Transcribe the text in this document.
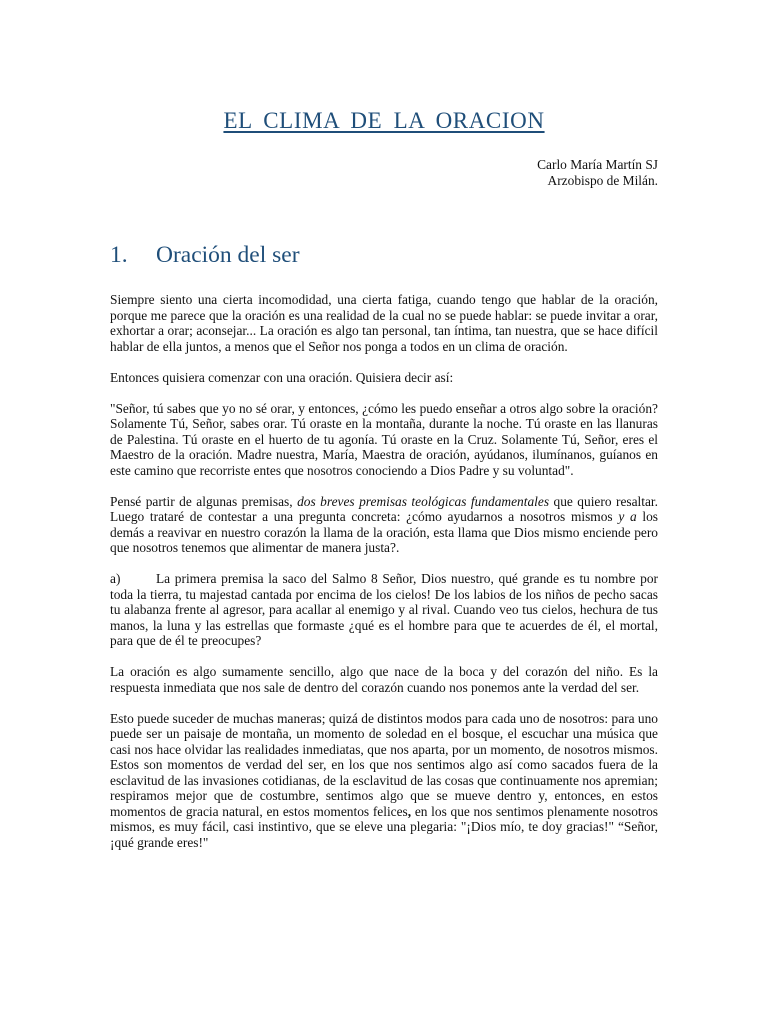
EL CLIMA DE LA ORACION
Carlo María Martín SJ
Arzobispo de Milán.
1. Oración del ser

Siempre siento una cierta incomodidad, una cierta fatiga, cuando tengo que hablar de la oración, porque me parece que la oración es una realidad de la cual no se puede hablar: se puede invitar a orar, exhortar a orar; aconsejar... La oración es algo tan personal, tan íntima, tan nuestra, que se hace difícil hablar de ella juntos, a menos que el Señor nos ponga a todos en un clima de oración.

Entonces quisiera comenzar con una oración. Quisiera decir así:

"Señor, tú sabes que yo no sé orar, y entonces, ¿cómo les puedo enseñar a otros algo sobre la oración? Solamente Tú, Señor, sabes orar. Tú oraste en la montaña, durante la noche. Tú oraste en las llanuras de Palestina. Tú oraste en el huerto de tu agonía. Tú oraste en la Cruz. Solamente Tú, Señor, eres el Maestro de la oración. Madre nuestra, María, Maestra de oración, ayúdanos, ilumínanos, guíanos en este camino que recorriste entes que nosotros conociendo a Dios Padre y su voluntad".

Pensé partir de algunas premisas, dos breves premisas teológicas fundamentales que quiero resaltar. Luego trataré de contestar a una pregunta concreta: ¿cómo ayudarnos a nosotros mismos y a los demás a reavivar en nuestro corazón la llama de la oración, esta llama que Dios mismo enciende pero que nosotros tenemos que alimentar de manera justa?.

a)	La primera premisa la saco del Salmo 8 Señor, Dios nuestro, qué grande es tu nombre por toda la tierra, tu majestad cantada por encima de los cielos! De los labios de los niños de pecho sacas tu alabanza frente al agresor, para acallar al enemigo y al rival. Cuando veo tus cielos, hechura de tus manos, la luna y las estrellas que formaste ¿qué es el hombre para que te acuerdes de él, el mortal, para que de él te preocupes?

La oración es algo sumamente sencillo, algo que nace de la boca y del corazón del niño. Es la respuesta inmediata que nos sale de dentro del corazón cuando nos ponemos ante la verdad del ser.

Esto puede suceder de muchas maneras; quizá de distintos modos para cada uno de nosotros: para uno puede ser un paisaje de montaña, un momento de soledad en el bosque, el escuchar una música que casi nos hace olvidar las realidades inmediatas, que nos aparta, por un momento, de nosotros mismos. Estos son momentos de verdad del ser, en los que nos sentimos algo así como sacados fuera de la esclavitud de las invasiones cotidianas, de la esclavitud de las cosas que continuamente nos apremian; respiramos mejor que de costumbre, sentimos algo que se mueve dentro y, entonces, en estos momentos de gracia natural, en estos momentos felices, en los que nos sentimos plenamente nosotros mismos, es muy fácil, casi instintivo, que se eleve una plegaria: "¡Dios mío, te doy gracias!" “Señor, ¡qué grande eres!"
